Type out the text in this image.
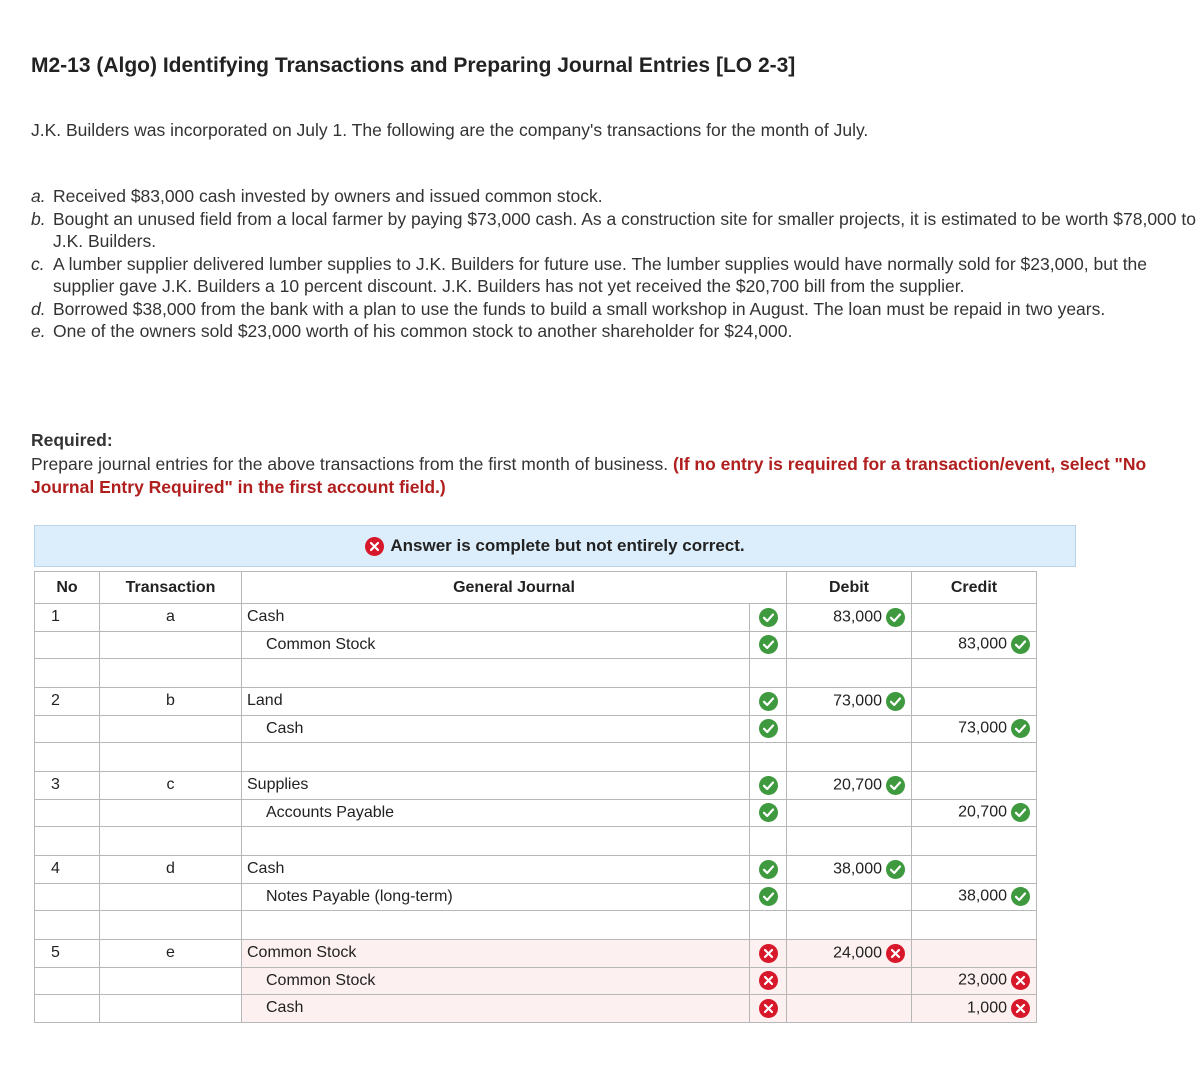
M2-13 (Algo) Identifying Transactions and Preparing Journal Entries [LO 2-3]
J.K. Builders was incorporated on July 1. The following are the company's transactions for the month of July.
a. Received $83,000 cash invested by owners and issued common stock.
b. Bought an unused field from a local farmer by paying $73,000 cash. As a construction site for smaller projects, it is estimated to be worth $78,000 to J.K. Builders.
c. A lumber supplier delivered lumber supplies to J.K. Builders for future use. The lumber supplies would have normally sold for $23,000, but the supplier gave J.K. Builders a 10 percent discount. J.K. Builders has not yet received the $20,700 bill from the supplier.
d. Borrowed $38,000 from the bank with a plan to use the funds to build a small workshop in August. The loan must be repaid in two years.
e. One of the owners sold $23,000 worth of his common stock to another shareholder for $24,000.
Required:
Prepare journal entries for the above transactions from the first month of business. (If no entry is required for a transaction/event, select "No Journal Entry Required" in the first account field.)
Answer is complete but not entirely correct.
No	Transaction	General Journal		Debit	Credit
1	a	Cash		83,000

		Common Stock			83,000

2	b	Land		73,000

		Cash			73,000

3	c	Supplies		20,700

		Accounts Payable			20,700

4	d	Cash		38,000

		Notes Payable (long-term)			38,000

5	e	Common Stock		24,000

		Common Stock			23,000

		Cash			1,000
